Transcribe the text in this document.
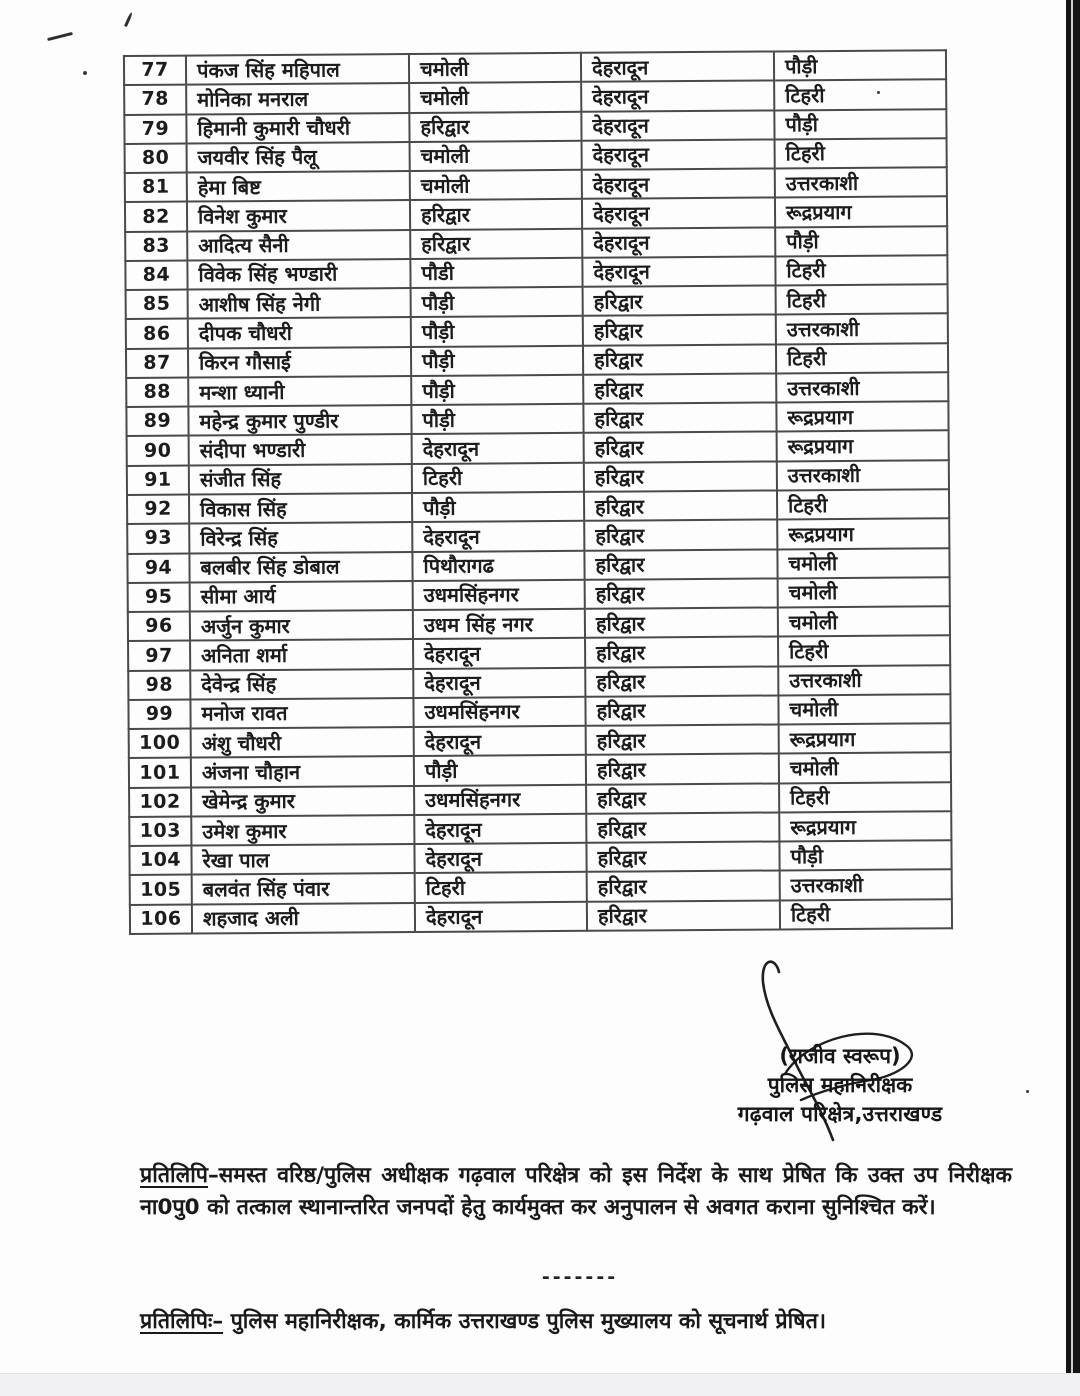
77	पंकज सिंह महिपाल	चमोली	देहरादून	पौड़ी
78	मोनिका मनराल	चमोली	देहरादून	टिहरी
79	हिमानी कुमारी चौधरी	हरिद्वार	देहरादून	पौड़ी
80	जयवीर सिंह पैलू	चमोली	देहरादून	टिहरी
81	हेमा बिष्ट	चमोली	देहरादून	उत्तरकाशी
82	विनेश कुमार	हरिद्वार	देहरादून	रूद्रप्रयाग
83	आदित्य सैनी	हरिद्वार	देहरादून	पौड़ी
84	विवेक सिंह भण्डारी	पौडी	देहरादून	टिहरी
85	आशीष सिंह नेगी	पौड़ी	हरिद्वार	टिहरी
86	दीपक चौधरी	पौड़ी	हरिद्वार	उत्तरकाशी
87	किरन गौसाई	पौड़ी	हरिद्वार	टिहरी
88	मन्शा ध्यानी	पौड़ी	हरिद्वार	उत्तरकाशी
89	महेन्द्र कुमार पुण्डीर	पौड़ी	हरिद्वार	रूद्रप्रयाग
90	संदीपा भण्डारी	देहरादून	हरिद्वार	रूद्रप्रयाग
91	संजीत सिंह	टिहरी	हरिद्वार	उत्तरकाशी
92	विकास सिंह	पौड़ी	हरिद्वार	टिहरी
93	विरेन्द्र सिंह	देहरादून	हरिद्वार	रूद्रप्रयाग
94	बलबीर सिंह डोबाल	पिथौरागढ	हरिद्वार	चमोली
95	सीमा आर्य	उधमसिंहनगर	हरिद्वार	चमोली
96	अर्जुन कुमार	उधम सिंह नगर	हरिद्वार	चमोली
97	अनिता शर्मा	देहरादून	हरिद्वार	टिहरी
98	देवेन्द्र सिंह	देहरादून	हरिद्वार	उत्तरकाशी
99	मनोज रावत	उधमसिंहनगर	हरिद्वार	चमोली
100	अंशु चौधरी	देहरादून	हरिद्वार	रूद्रप्रयाग
101	अंजना चौहान	पौड़ी	हरिद्वार	चमोली
102	खेमेन्द्र कुमार	उधमसिंहनगर	हरिद्वार	टिहरी
103	उमेश कुमार	देहरादून	हरिद्वार	रूद्रप्रयाग
104	रेखा पाल	देहरादून	हरिद्वार	पौड़ी
105	बलवंत सिंह पंवार	टिहरी	हरिद्वार	उत्तरकाशी
106	शहजाद अली	देहरादून	हरिद्वार	टिहरी
(राजीव स्वरूप)
पुलिस महानिरीक्षक
गढ़वाल परिक्षेत्र,उत्तराखण्ड
प्रतिलिपि–समस्त वरिष्ठ/पुलिस अधीक्षक गढ़वाल परिक्षेत्र को इस निर्देश के साथ प्रेषित कि उक्त उप निरीक्षक ना0पु0 को तत्काल स्थानान्तरित जनपदों हेतु कार्यमुक्त कर अनुपालन से अवगत कराना सुनिश्चित करें।
-------
प्रतिलिपिः– पुलिस महानिरीक्षक, कार्मिक उत्तराखण्ड पुलिस मुख्यालय को सूचनार्थ प्रेषित।
